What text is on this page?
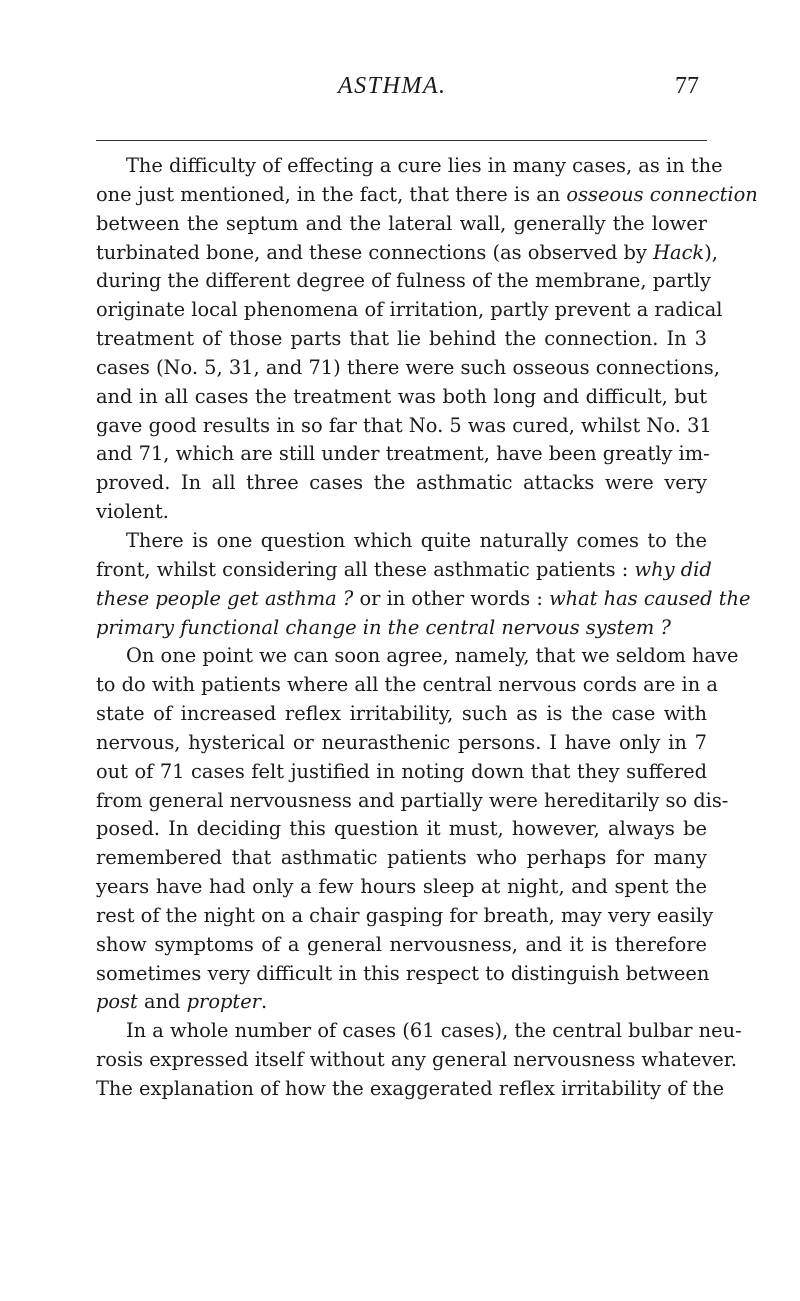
ASTHMA.	77
The difficulty of effecting a cure lies in many cases, as in the
one just mentioned, in the fact, that there is an osseous connection
between the septum and the lateral wall, generally the lower
turbinated bone, and these connections (as observed by Hack),
during the different degree of fulness of the membrane, partly
originate local phenomena of irritation, partly prevent a radical
treatment of those parts that lie behind the connection. In 3
cases (No. 5, 31, and 71) there were such osseous connections,
and in all cases the treatment was both long and difficult, but
gave good results in so far that No. 5 was cured, whilst No. 31
and 71, which are still under treatment, have been greatly im-
proved. In all three cases the asthmatic attacks were very
violent.
There is one question which quite naturally comes to the
front, whilst considering all these asthmatic patients : why did
these people get asthma ? or in other words : what has caused the
primary functional change in the central nervous system ?
On one point we can soon agree, namely, that we seldom have
to do with patients where all the central nervous cords are in a
state of increased reflex irritability, such as is the case with
nervous, hysterical or neurasthenic persons. I have only in 7
out of 71 cases felt justified in noting down that they suffered
from general nervousness and partially were hereditarily so dis-
posed. In deciding this question it must, however, always be
remembered that asthmatic patients who perhaps for many
years have had only a few hours sleep at night, and spent the
rest of the night on a chair gasping for breath, may very easily
show symptoms of a general nervousness, and it is therefore
sometimes very difficult in this respect to distinguish between
post and propter.
In a whole number of cases (61 cases), the central bulbar neu-
rosis expressed itself without any general nervousness whatever.
The explanation of how the exaggerated reflex irritability of the
